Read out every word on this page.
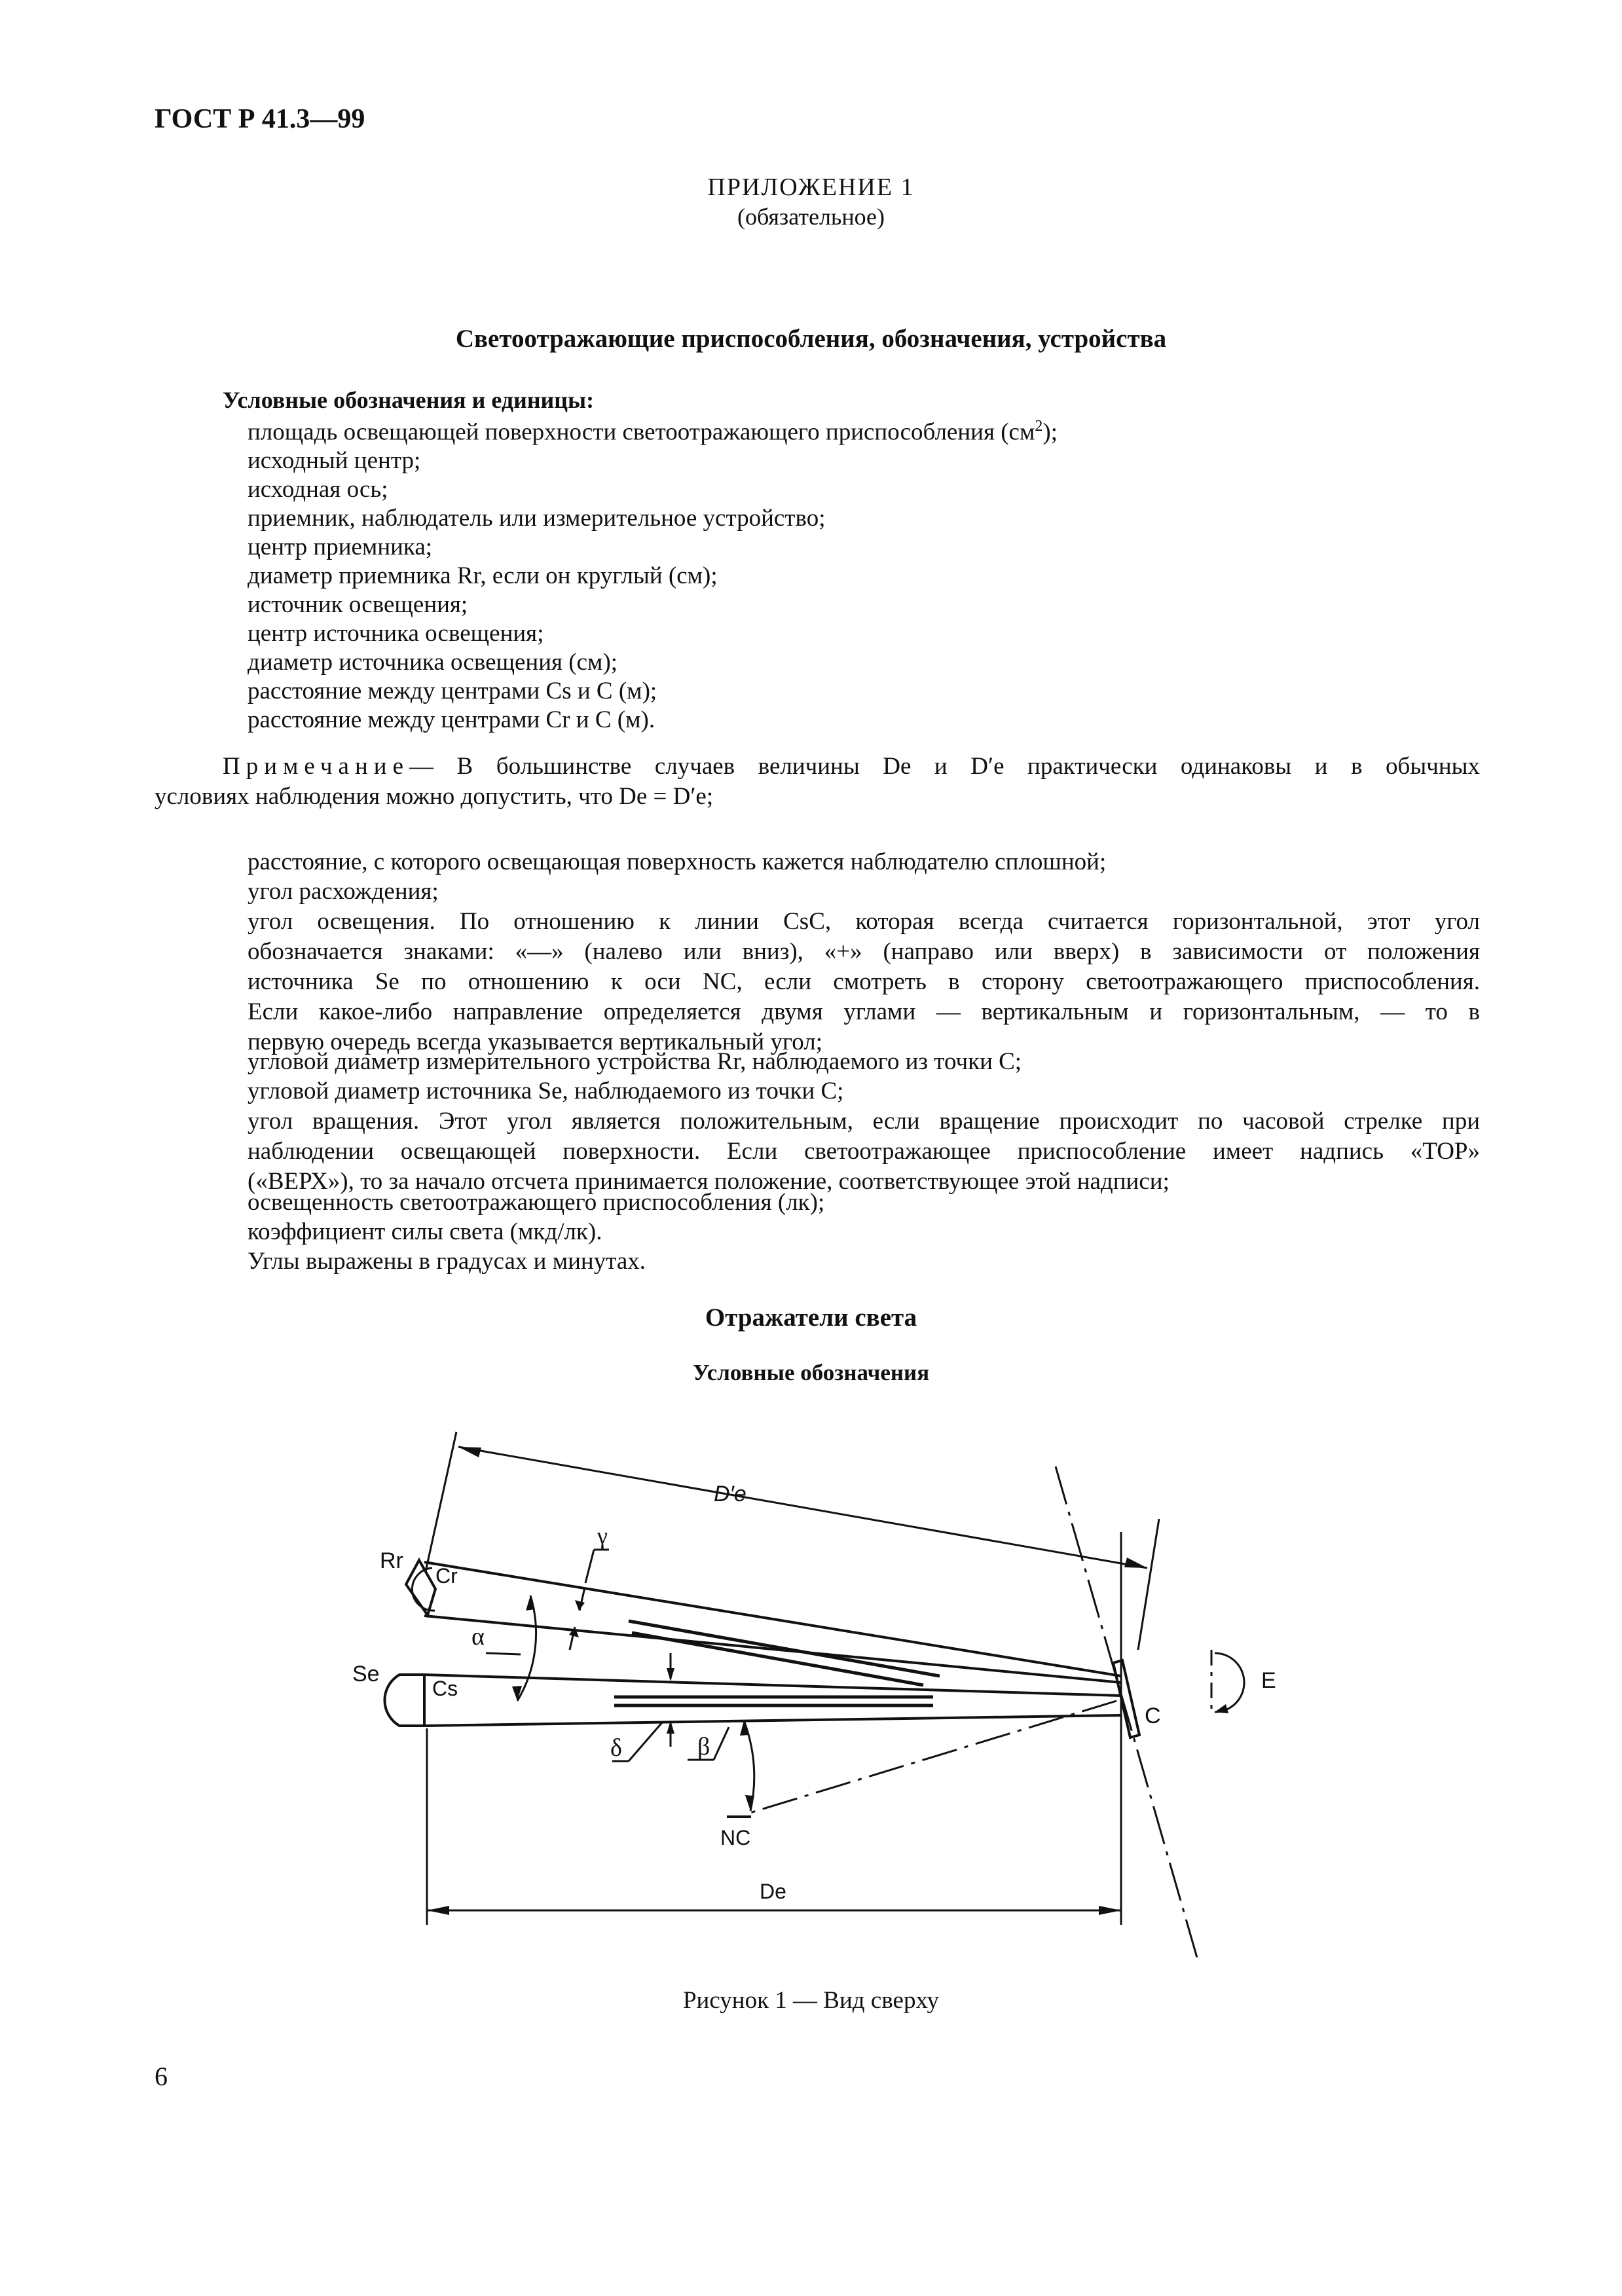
ГОСТ Р 41.3—99
ПРИЛОЖЕНИЕ 1
(обязательное)
Светоотражающие приспособления, обозначения, устройства
Условные обозначения и единицы:
площадь освещающей поверхности светоотражающего приспособления $(см^2)$;
исходный центр;
исходная ось;
приемник, наблюдатель или измерительное устройство;
центр приемника;
диаметр приемника Rr, если он круглый (см);
источник освещения;
центр источника освещения;
диаметр источника освещения (см);
расстояние между центрами Cs и C (м);
расстояние между центрами Cr и C (м).
Примечание— В большинстве случаев величины De и D′e практически одинаковы и в обычных
условиях наблюдения можно допустить, что De = D′e;
расстояние, с которого освещающая поверхность кажется наблюдателю сплошной;
угол расхождения;
угол освещения. По отношению к линии CsC, которая всегда считается горизонтальной, этот угол
обозначается знаками: «—» (налево или вниз), «+» (направо или вверх) в зависимости от положения
источника Se по отношению к оси NC, если смотреть в сторону светоотражающего приспособления.
Если какое-либо направление определяется двумя углами — вертикальным и горизонтальным, — то в
первую очередь всегда указывается вертикальный угол;
угловой диаметр измерительного устройства Rr, наблюдаемого из точки C;
угловой диаметр источника Se, наблюдаемого из точки C;
угол вращения. Этот угол является положительным, если вращение происходит по часовой стрелке при
наблюдении освещающей поверхности. Если светоотражающее приспособление имеет надпись «TOP»
(«ВЕРХ»), то за начало отсчета принимается положение, соответствующее этой надписи;
освещенность светоотражающего приспособления (лк);
коэффициент силы света (мкд/лк).
Углы выражены в градусах и минутах.
Отражатели света
Условные обозначения
D′e
Rr
Cr
γ
α
Se
Cs
δ	β
NC
C
E
De
Рисунок 1 — Вид сверху
6
